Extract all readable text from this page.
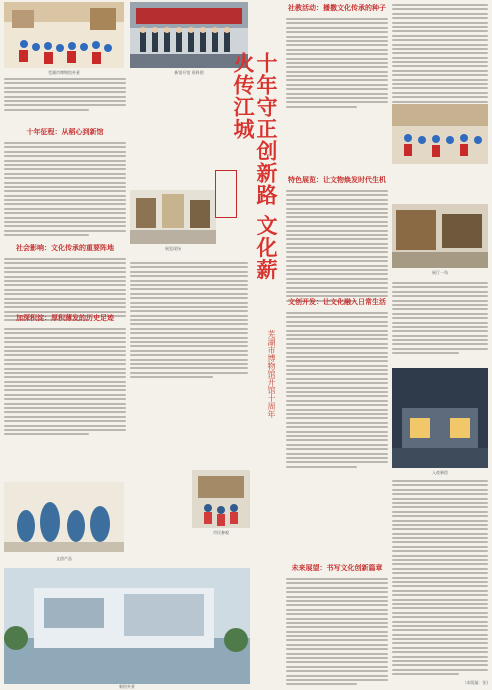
芜湖市博物馆外景
十年征程：从稻心到新馆
社会影响：文化传承的重要阵地
加深积淀：厚积薄发的历史足迹
新馆开馆 资料图
展览现场
市民参观
十年守正创新路 文化薪火传江城
芜湖市博物馆开馆十周年
文创产品
新馆外景
社教活动：播撒文化传承的种子
特色展览：让文物焕发时代生机
文创开发：让文化融入日常生活
未来展望：书写文化创新篇章
展厅一角
入夜新馆
（本版编：张)
